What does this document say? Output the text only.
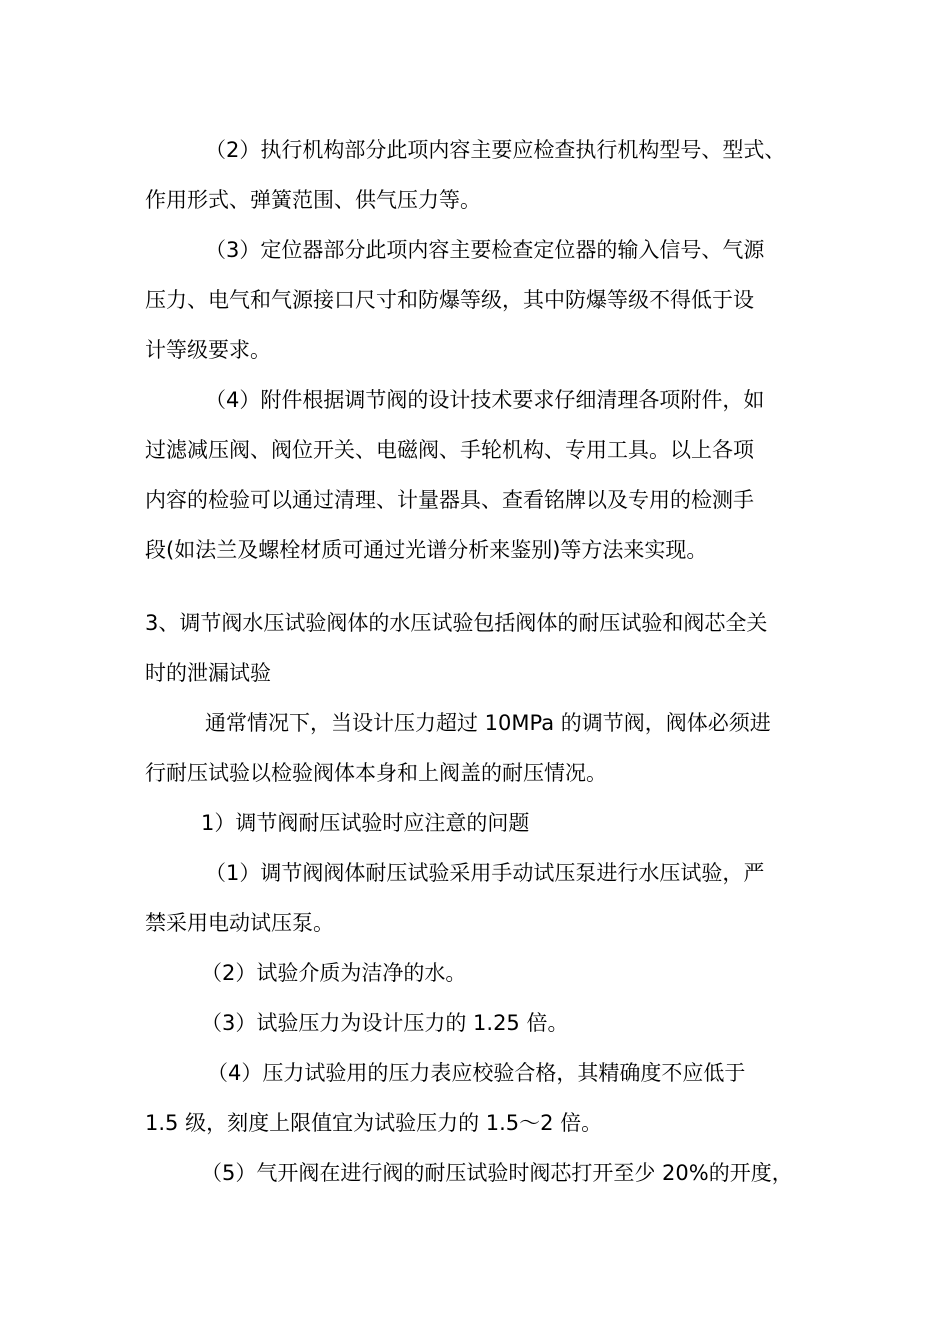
（2）执行机构部分此项内容主要应检查执行机构型号、型式、
作用形式、弹簧范围、供气压力等。
（3）定位器部分此项内容主要检查定位器的输入信号、气源
压力、电气和气源接口尺寸和防爆等级，其中防爆等级不得低于设
计等级要求。
（4）附件根据调节阀的设计技术要求仔细清理各项附件，如
过滤减压阀、阀位开关、电磁阀、手轮机构、专用工具。以上各项
内容的检验可以通过清理、计量器具、查看铭牌以及专用的检测手
段(如法兰及螺栓材质可通过光谱分析来鉴别)等方法来实现。
3、调节阀水压试验阀体的水压试验包括阀体的耐压试验和阀芯全关
时的泄漏试验
通常情况下，当设计压力超过 10MPa 的调节阀，阀体必须进
行耐压试验以检验阀体本身和上阀盖的耐压情况。
1）调节阀耐压试验时应注意的问题
（1）调节阀阀体耐压试验采用手动试压泵进行水压试验，严
禁采用电动试压泵。
（2）试验介质为洁净的水。
（3）试验压力为设计压力的 1.25 倍。
（4）压力试验用的压力表应校验合格，其精确度不应低于
1.5 级，刻度上限值宜为试验压力的 1.5～2 倍。
（5）气开阀在进行阀的耐压试验时阀芯打开至少 20%的开度，
